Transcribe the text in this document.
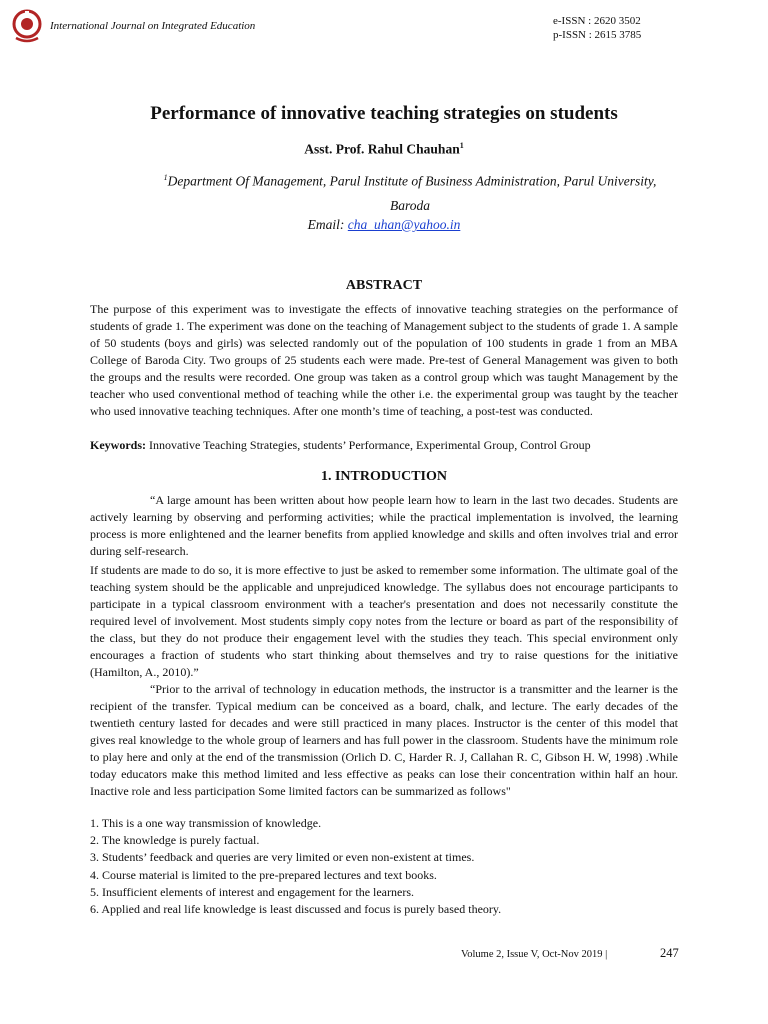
International Journal on Integrated Education	e-ISSN : 2620 3502
p-ISSN : 2615 3785
Performance of innovative teaching strategies on students
Asst. Prof. Rahul Chauhan$^1$
$^1$Department Of Management, Parul Institute of Business Administration, Parul University, Baroda
Email: cha_uhan@yahoo.in
ABSTRACT

The purpose of this experiment was to investigate the effects of innovative teaching strategies on the performance of students of grade 1. The experiment was done on the teaching of Management subject to the students of grade 1. A sample of 50 students (boys and girls) was selected randomly out of the population of 100 students in grade 1 from an MBA College of Baroda City. Two groups of 25 students each were made. Pre-test of General Management was given to both the groups and the results were recorded. One group was taken as a control group which was taught Management by the teacher who used conventional method of teaching while the other i.e. the experimental group was taught by the teacher who used innovative teaching techniques. After one month’s time of teaching, a post-test was conducted.

Keywords: Innovative Teaching Strategies, students’ Performance, Experimental Group, Control Group

1. INTRODUCTION

“A large amount has been written about how people learn how to learn in the last two decades. Students are actively learning by observing and performing activities; while the practical implementation is involved, the learning process is more enlightened and the learner benefits from applied knowledge and skills and often involves trial and error during self-research.

If students are made to do so, it is more effective to just be asked to remember some information. The ultimate goal of the teaching system should be the applicable and unprejudiced knowledge. The syllabus does not encourage participants to participate in a typical classroom environment with a teacher's presentation and does not necessarily constitute the required level of involvement. Most students simply copy notes from the lecture or board as part of the responsibility of the class, but they do not produce their engagement level with the studies they teach. This special environment only encourages a fraction of students who start thinking about themselves and try to raise questions for the initiative (Hamilton, A., 2010).”

“Prior to the arrival of technology in education methods, the instructor is a transmitter and the learner is the recipient of the transfer. Typical medium can be conceived as a board, chalk, and lecture. The early decades of the twentieth century lasted for decades and were still practiced in many places. Instructor is the center of this model that gives real knowledge to the whole group of learners and has full power in the classroom. Students have the minimum role to play here and only at the end of the transmission (Orlich D. C, Harder R. J, Callahan R. C, Gibson H. W, 1998) .While today educators make this method limited and less effective as peaks can lose their concentration within half an hour. Inactive role and less participation Some limited factors can be summarized as follows"

1. This is a one way transmission of knowledge.
2. The knowledge is purely factual.
3. Students’ feedback and queries are very limited or even non-existent at times.
4. Course material is limited to the pre-prepared lectures and text books.
5. Insufficient elements of interest and engagement for the learners.
6. Applied and real life knowledge is least discussed and focus is purely based theory.
Volume 2, Issue V, Oct-Nov 2019 |	247
